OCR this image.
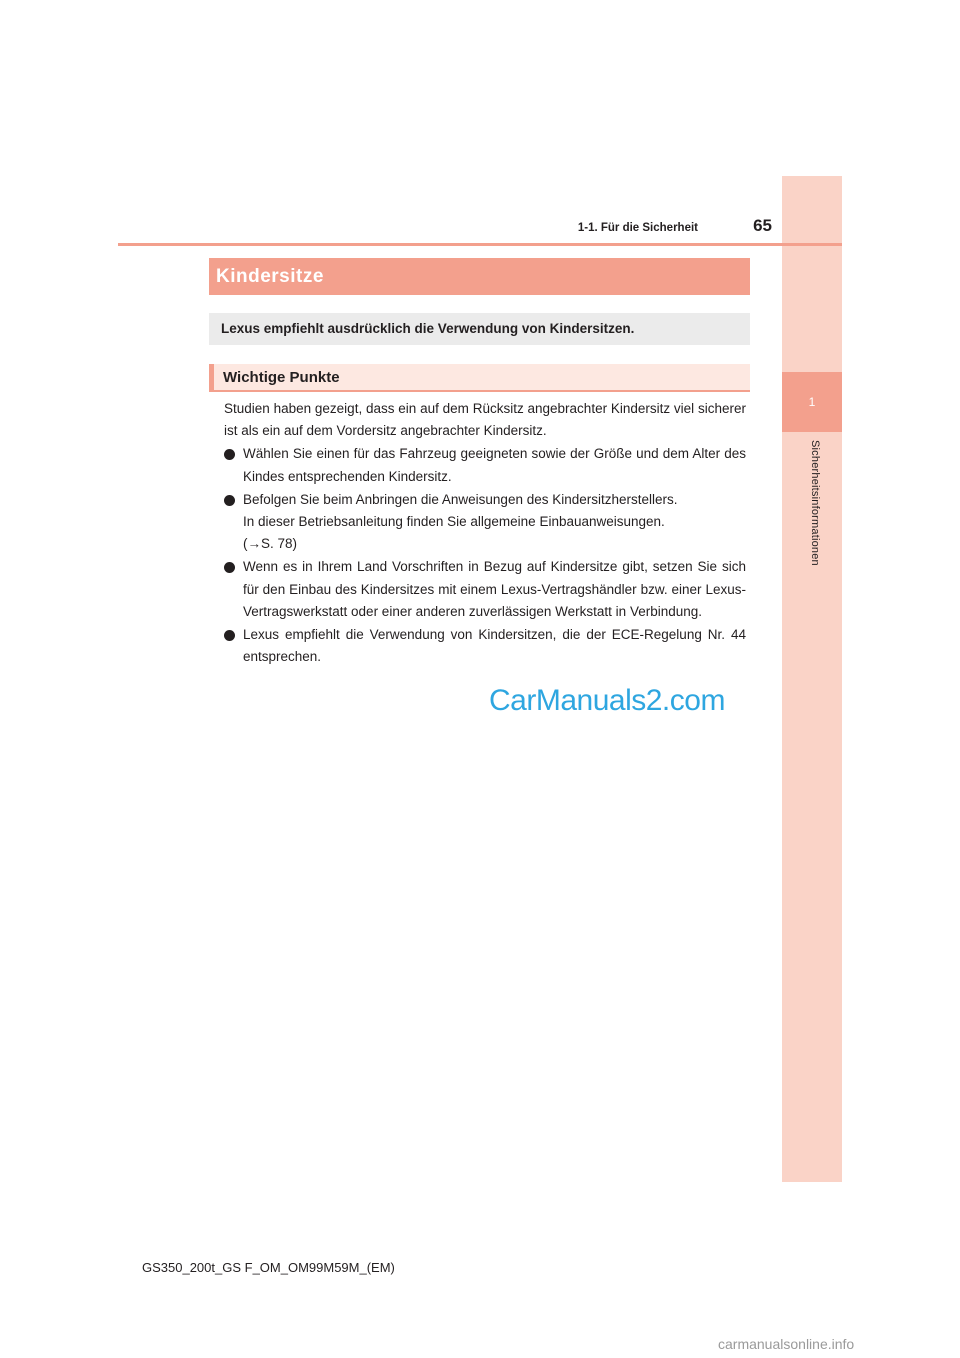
1
Sicherheitsinformationen
1-1. Für die Sicherheit	65
Kindersitze
Lexus empfiehlt ausdrücklich die Verwendung von Kindersitzen.
Wichtige Punkte

Studien haben gezeigt, dass ein auf dem Rücksitz angebrachter Kindersitz viel sicherer ist als ein auf dem Vordersitz angebrachter Kindersitz.

Wählen Sie einen für das Fahrzeug geeigneten sowie der Größe und dem Alter des Kindes entsprechenden Kindersitz.
Befolgen Sie beim Anbringen die Anweisungen des Kindersitzherstellers.
In dieser Betriebsanleitung finden Sie allgemeine Einbauanweisungen.
(→S. 78)
Wenn es in Ihrem Land Vorschriften in Bezug auf Kindersitze gibt, setzen Sie sich für den Einbau des Kindersitzes mit einem Lexus-Vertragshändler bzw. einer Lexus-Vertragswerkstatt oder einer anderen zuverlässigen Werkstatt in Verbindung.
Lexus empfiehlt die Verwendung von Kindersitzen, die der ECE-Regelung Nr. 44 entsprechen.
CarManuals2.com
GS350_200t_GS F_OM_OM99M59M_(EM)
carmanualsonline.info
